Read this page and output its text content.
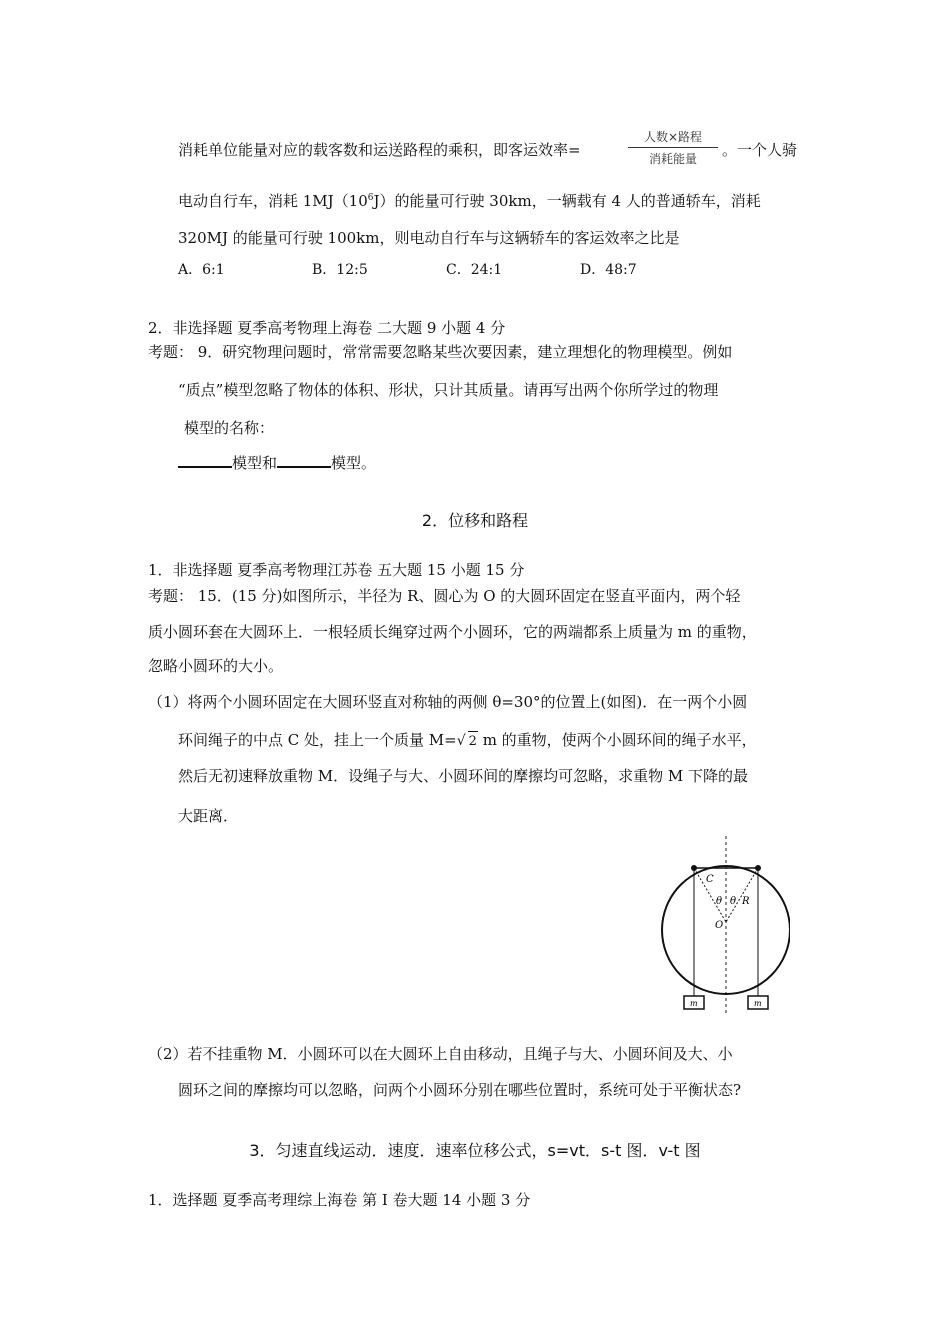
消耗单位能量对应的载客数和运送路程的乘积，即客运效率=
人数×路程
消耗能量	。一个人骑
电动自行车，消耗 $1MJ(10^6J)$的能量可行驶 30km，一辆载有 4 人的普通轿车，消耗
320MJ 的能量可行驶 100km，则电动自行车与这辆轿车的客运效率之比是
A．6:1	B．12:5	C．24:1	D．48:7
2．非选择题 夏季高考物理上海卷 二大题 9 小题 4 分
考题： 9．研究物理问题时，常常需要忽略某些次要因素，建立理想化的物理模型。例如
“质点”模型忽略了物体的体积、形状，只计其质量。请再写出两个你所学过的物理
模型的名称：
模型和	模型。
2．位移和路程
1．非选择题 夏季高考物理江苏卷 五大题 15 小题 15 分
考题： 15．(15 分)如图所示，半径为 R、圆心为 O 的大圆环固定在竖直平面内，两个轻
质小圆环套在大圆环上．一根轻质长绳穿过两个小圆环，它的两端都系上质量为 m 的重物，
忽略小圆环的大小。
（1）将两个小圆环固定在大圆环竖直对称轴的两侧 θ=30°的位置上(如图)．在一两个小圆
环间绳子的中点 C 处，挂上一个质量 M=√ 2 m 的重物，使两个小圆环间的绳子水平，
然后无初速释放重物 M．设绳子与大、小圆环间的摩擦均可忽略，求重物 M 下降的最
大距离．
C
θ θ R
O
m	m
（2）若不挂重物 M．小圆环可以在大圆环上自由移动，且绳子与大、小圆环间及大、小
圆环之间的摩擦均可以忽略，问两个小圆环分别在哪些位置时，系统可处于平衡状态?
3．匀速直线运动．速度．速率位移公式，s=vt．s-t 图．v-t 图
1．选择题 夏季高考理综上海卷 第 I 卷大题 14 小题 3 分
